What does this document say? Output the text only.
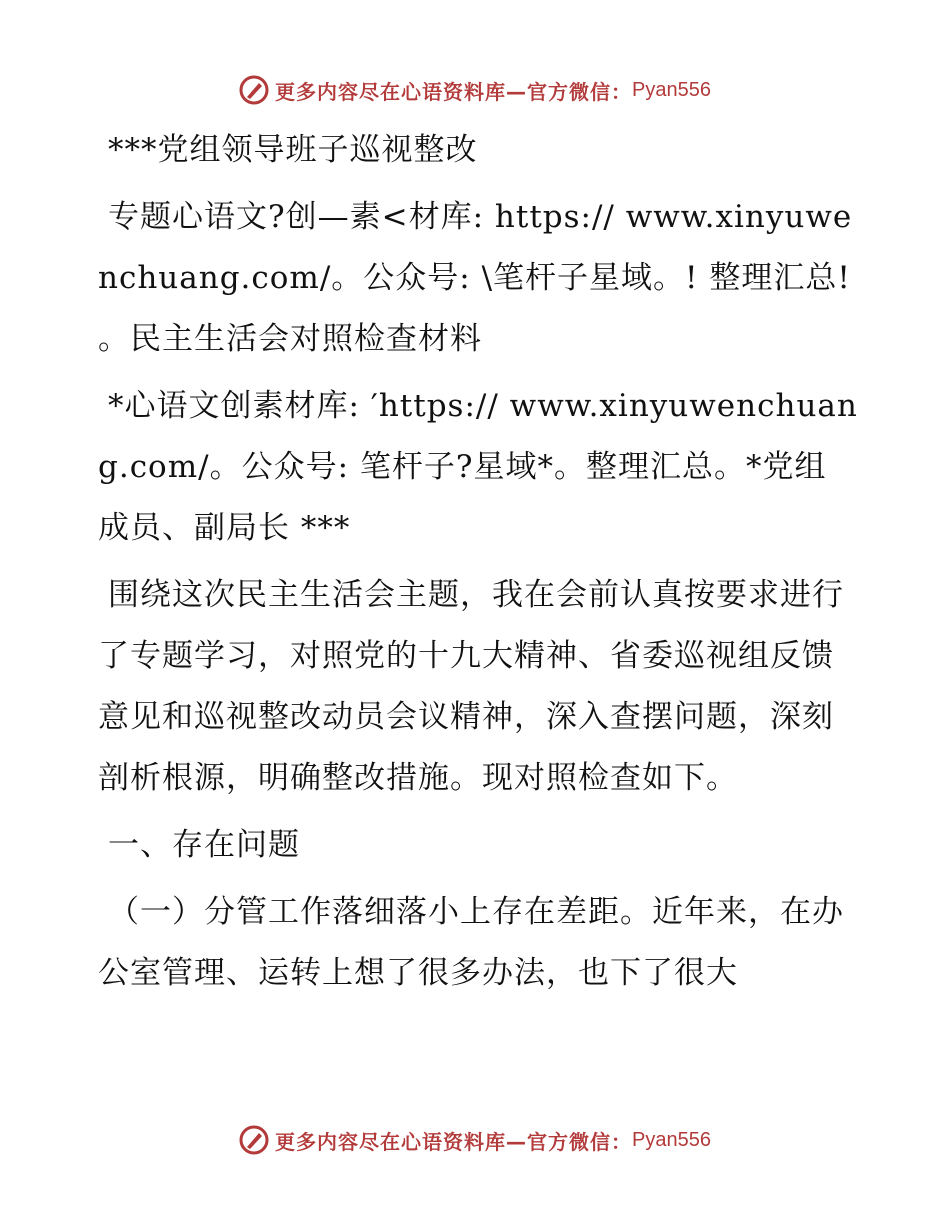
更多内容尽在心语资料库—官方微信： Pyan556

***党组领导班子巡视整改

专题心语文?创—素<材库: https:// www.xinyuwenchuang.com/。公众号: \笔杆子星域。! 整理汇总! 。民主生活会对照检查材料

*心语文创素材库: ′https:// www.xinyuwenchuang.com/。公众号: 笔杆子?星域*。整理汇总。*党组成员、副局长 ***

围绕这次民主生活会主题，我在会前认真按要求进行了专题学习，对照党的十九大精神、省委巡视组反馈意见和巡视整改动员会议精神，深入查摆问题，深刻剖析根源，明确整改措施。现对照检查如下。

一、存在问题

（一）分管工作落细落小上存在差距。近年来，在办公室管理、运转上想了很多办法，也下了很大

更多内容尽在心语资料库—官方微信： Pyan556
